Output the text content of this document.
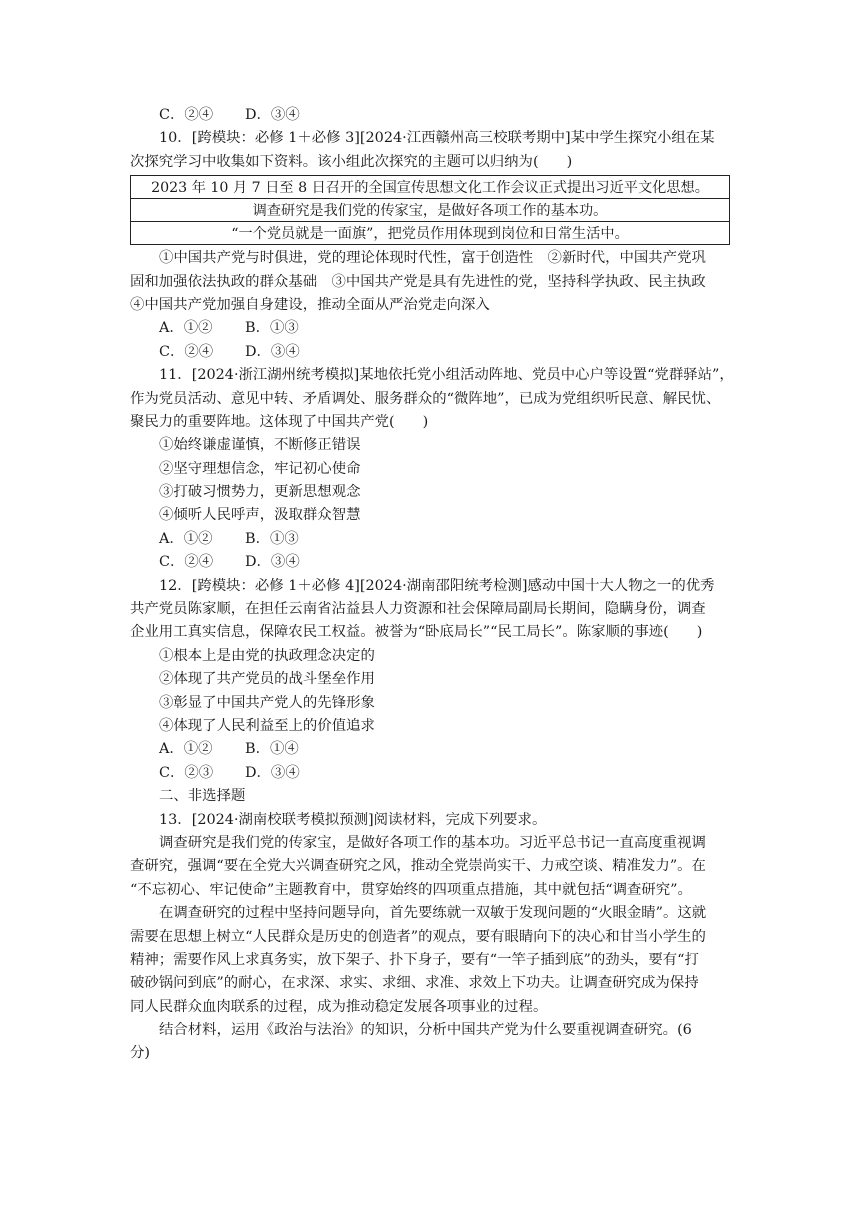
C．②④ D．③④
10．[跨模块：必修 1＋必修 3][2024·江西赣州高三校联考期中]某中学生探究小组在某
次探究学习中收集如下资料。该小组此次探究的主题可以归纳为( )
2023 年 10 月 7 日至 8 日召开的全国宣传思想文化工作会议正式提出习近平文化思想。
调查研究是我们党的传家宝，是做好各项工作的基本功。
“一个党员就是一面旗”，把党员作用体现到岗位和日常生活中。
①中国共产党与时俱进，党的理论体现时代性，富于创造性　②新时代，中国共产党巩
固和加强依法执政的群众基础　③中国共产党是具有先进性的党，坚持科学执政、民主执政
④中国共产党加强自身建设，推动全面从严治党走向深入
A．①② B．①③
C．②④ D．③④
11．[2024·浙江湖州统考模拟]某地依托党小组活动阵地、党员中心户等设置“党群驿站”，
作为党员活动、意见中转、矛盾调处、服务群众的“微阵地”，已成为党组织听民意、解民忧、
聚民力的重要阵地。这体现了中国共产党( )
①始终谦虚谨慎，不断修正错误
②坚守理想信念，牢记初心使命
③打破习惯势力，更新思想观念
④倾听人民呼声，汲取群众智慧
A．①② B．①③
C．②④ D．③④
12．[跨模块：必修 1＋必修 4][2024·湖南邵阳统考检测]感动中国十大人物之一的优秀
共产党员陈家顺，在担任云南省沾益县人力资源和社会保障局副局长期间，隐瞒身份，调查
企业用工真实信息，保障农民工权益。被誉为“卧底局长”“民工局长”。陈家顺的事迹( )
①根本上是由党的执政理念决定的
②体现了共产党员的战斗堡垒作用
③彰显了中国共产党人的先锋形象
④体现了人民利益至上的价值追求
A．①② B．①④
C．②③ D．③④
二、非选择题
13．[2024·湖南校联考模拟预测]阅读材料，完成下列要求。
调查研究是我们党的传家宝，是做好各项工作的基本功。习近平总书记一直高度重视调
查研究，强调“要在全党大兴调查研究之风，推动全党崇尚实干、力戒空谈、精准发力”。在
“不忘初心、牢记使命”主题教育中，贯穿始终的四项重点措施，其中就包括“调查研究”。
在调查研究的过程中坚持问题导向，首先要练就一双敏于发现问题的“火眼金睛”。这就
需要在思想上树立“人民群众是历史的创造者”的观点，要有眼睛向下的决心和甘当小学生的
精神；需要作风上求真务实，放下架子、扑下身子，要有“一竿子插到底”的劲头，要有“打
破砂锅问到底”的耐心，在求深、求实、求细、求准、求效上下功夫。让调查研究成为保持
同人民群众血肉联系的过程，成为推动稳定发展各项事业的过程。
结合材料，运用《政治与法治》的知识，分析中国共产党为什么要重视调查研究。(6
分)
